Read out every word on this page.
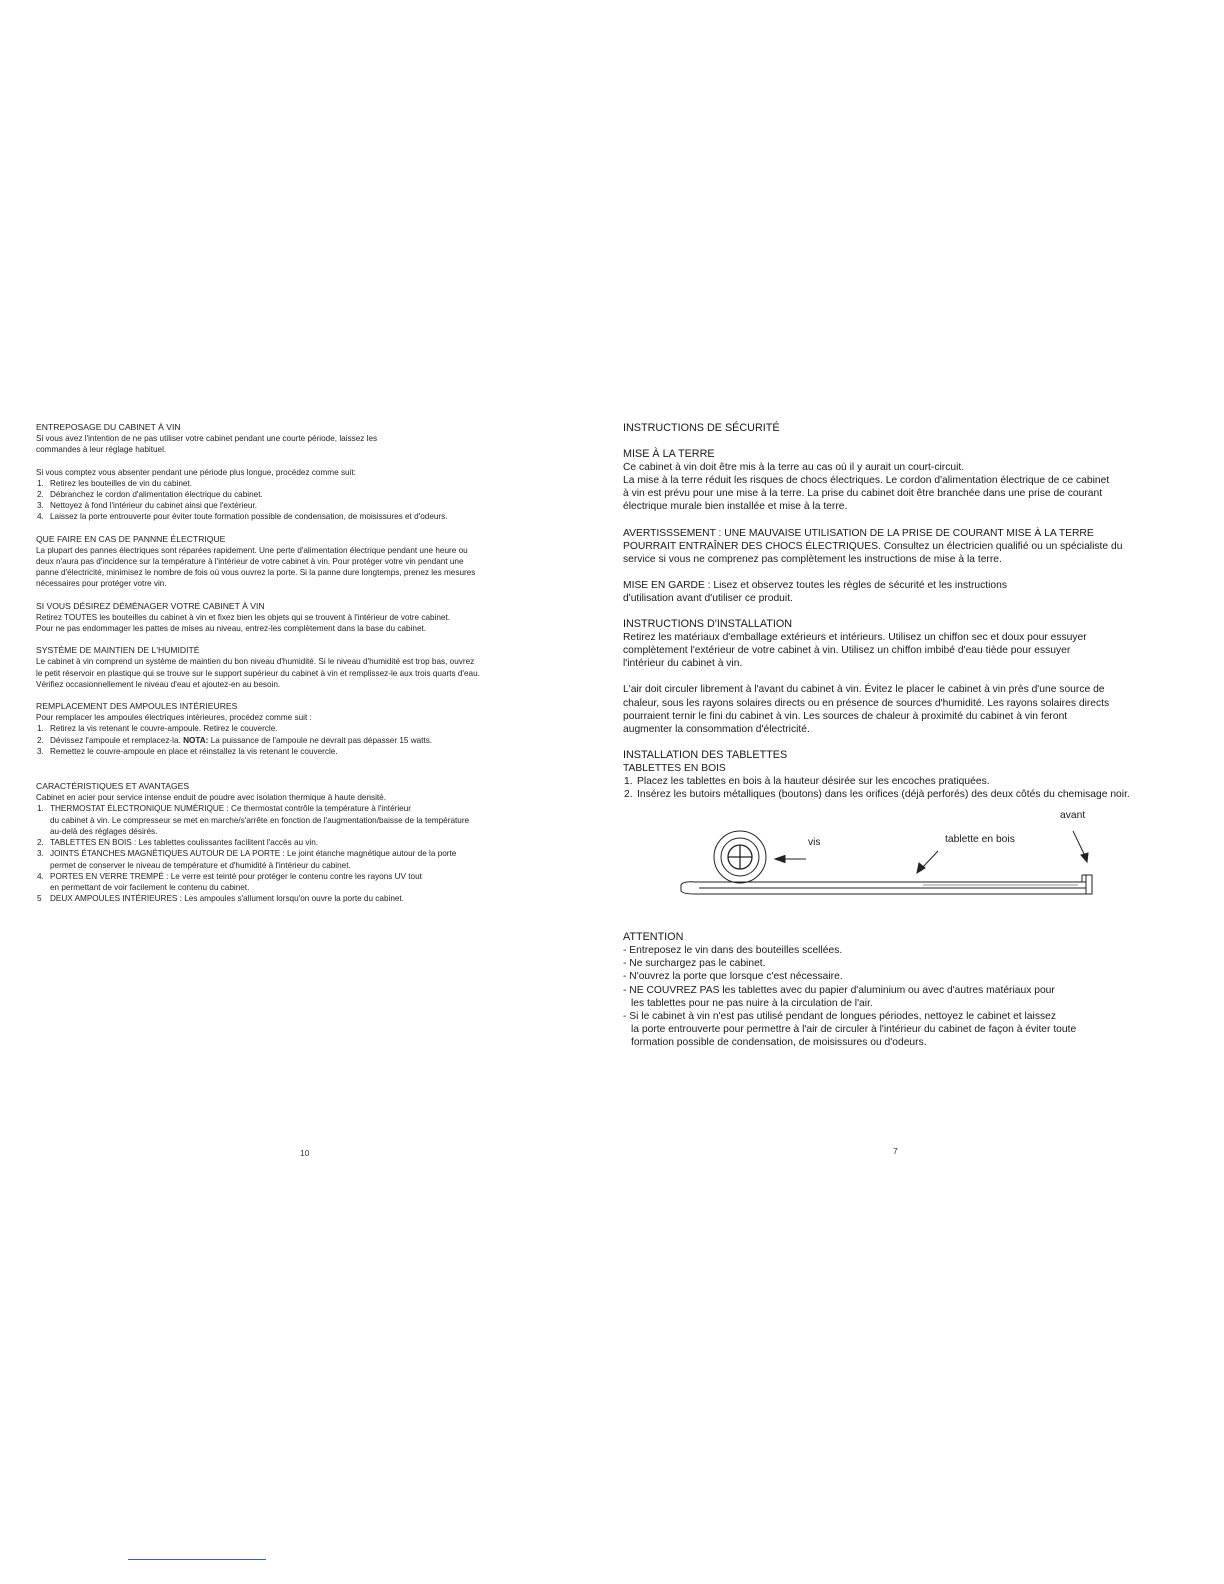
ENTREPOSAGE DU CABINET À VIN
Si vous avez l'intention de ne pas utiliser votre cabinet pendant une courte période, laissez les
commandes à leur réglage habituel.
Si vous comptez vous absenter pendant une période plus longue, procédez comme suit:
1. Retirez les bouteilles de vin du cabinet.
2. Débranchez le cordon d'alimentation électrique du cabinet.
3. Nettoyez à fond l'intérieur du cabinet ainsi que l'extérieur.
4. Laissez la porte entrouverte pour éviter toute formation possible de condensation, de moisissures et d'odeurs.
QUE FAIRE EN CAS DE PANNNE ÉLECTRIQUE
La plupart des pannes électriques sont réparées rapidement. Une perte d'alimentation électrique pendant une heure ou
deux n'aura pas d'incidence sur la température à l'intérieur de votre cabinet à vin. Pour protéger votre vin pendant une
panne d'électricité, minimisez le nombre de fois où vous ouvrez la porte. Si la panne dure longtemps, prenez les mesures
nécessaires pour protéger votre vin.
SI VOUS DÉSIREZ DÉMÉNAGER VOTRE CABINET À VIN
Retirez TOUTES les bouteilles du cabinet à vin et fixez bien les objets qui se trouvent à l'intérieur de votre cabinet.
Pour ne pas endommager les pattes de mises au niveau, entrez-les complètement dans la base du cabinet.
SYSTÈME DE MAINTIEN DE L'HUMIDITÉ
Le cabinet à vin comprend un système de maintien du bon niveau d'humidité. Si le niveau d'humidité est trop bas, ouvrez
le petit réservoir en plastique qui se trouve sur le support supérieur du cabinet à vin et remplissez-le aux trois quarts d'eau.
Vérifiez occasionnellement le niveau d'eau et ajoutez-en au besoin.
REMPLACEMENT DES AMPOULES INTÉRIEURES
Pour remplacer les ampoules électriques intérieures, procédez comme suit :
1. Retirez la vis retenant le couvre-ampoule. Retirez le couvercle.
2. Dévissez l'ampoule et remplacez-la. NOTA: La puissance de l'ampoule ne devrait pas dépasser 15 watts.
3. Remettez le couvre-ampoule en place et réinstallez la vis retenant le couvercle.
CARACTÉRISTIQUES ET AVANTAGES
Cabinet en acier pour service intense enduit de poudre avec isolation thermique à haute densité.
1. THERMOSTAT ÉLECTRONIQUE NUMÉRIQUE : Ce thermostat contrôle la température à l'intérieur
du cabinet à vin. Le compresseur se met en marche/s'arrête en fonction de l'augmentation/baisse de la température
au-delà des réglages désirés.
2. TABLETTES EN BOIS : Les tablettes coulissantes facilitent l'accès au vin.
3. JOINTS ÉTANCHES MAGNÉTIQUES AUTOUR DE LA PORTE : Le joint étanche magnétique autour de la porte
permet de conserver le niveau de température et d'humidité à l'intérieur du cabinet.
4. PORTES EN VERRE TREMPÉ : Le verre est teinté pour protéger le contenu contre les rayons UV tout
en permettant de voir facilement le contenu du cabinet.
5 DEUX AMPOULES INTÉRIEURES : Les ampoules s'allument lorsqu'on ouvre la porte du cabinet.
10
INSTRUCTIONS DE SÉCURITÉ
MISE À LA TERRE
Ce cabinet à vin doit être mis à la terre au cas où il y aurait un court-circuit.
La mise à la terre réduit les risques de chocs électriques. Le cordon d'alimentation électrique de ce cabinet
à vin est prévu pour une mise à la terre. La prise du cabinet doit être branchée dans une prise de courant
électrique murale bien installée et mise à la terre.
AVERTISSSEMENT : UNE MAUVAISE UTILISATION DE LA PRISE DE COURANT MISE À LA TERRE
POURRAIT ENTRAÎNER DES CHOCS ÉLECTRIQUES. Consultez un électricien qualifié ou un spécialiste du
service si vous ne comprenez pas complètement les instructions de mise à la terre.
MISE EN GARDE : Lisez et observez toutes les règles de sécurité et les instructions
d'utilisation avant d'utiliser ce produit.
INSTRUCTIONS D'INSTALLATION
Retirez les matériaux d'emballage extérieurs et intérieurs. Utilisez un chiffon sec et doux pour essuyer
complètement l'extérieur de votre cabinet à vin. Utilisez un chiffon imbibé d'eau tiède pour essuyer
l'intérieur du cabinet à vin.
L'air doit circuler librement à l'avant du cabinet à vin. Évitez le placer le cabinet à vin près d'une source de
chaleur, sous les rayons solaires directs ou en présence de sources d'humidité. Les rayons solaires directs
pourraient ternir le fini du cabinet à vin. Les sources de chaleur à proximité du cabinet à vin feront
augmenter la consommation d'électricité.
INSTALLATION DES TABLETTES
TABLETTES EN BOIS
1. Placez les tablettes en bois à la hauteur désirée sur les encoches pratiquées.
2. Insérez les butoirs métalliques (boutons) dans les orifices (déjà perforés) des deux côtés du chemisage noir.
avant
vis	tablette en bois
ATTENTION
- Entreposez le vin dans des bouteilles scellées.
- Ne surchargez pas le cabinet.
- N'ouvrez la porte que lorsque c'est nécessaire.
- NE COUVREZ PAS les tablettes avec du papier d'aluminium ou avec d'autres matériaux pour
les tablettes pour ne pas nuire à la circulation de l'air.
- Si le cabinet à vin n'est pas utilisé pendant de longues périodes, nettoyez le cabinet et laissez
la porte entrouverte pour permettre à l'air de circuler à l'intérieur du cabinet de façon à éviter toute
formation possible de condensation, de moisissures ou d'odeurs.
7
